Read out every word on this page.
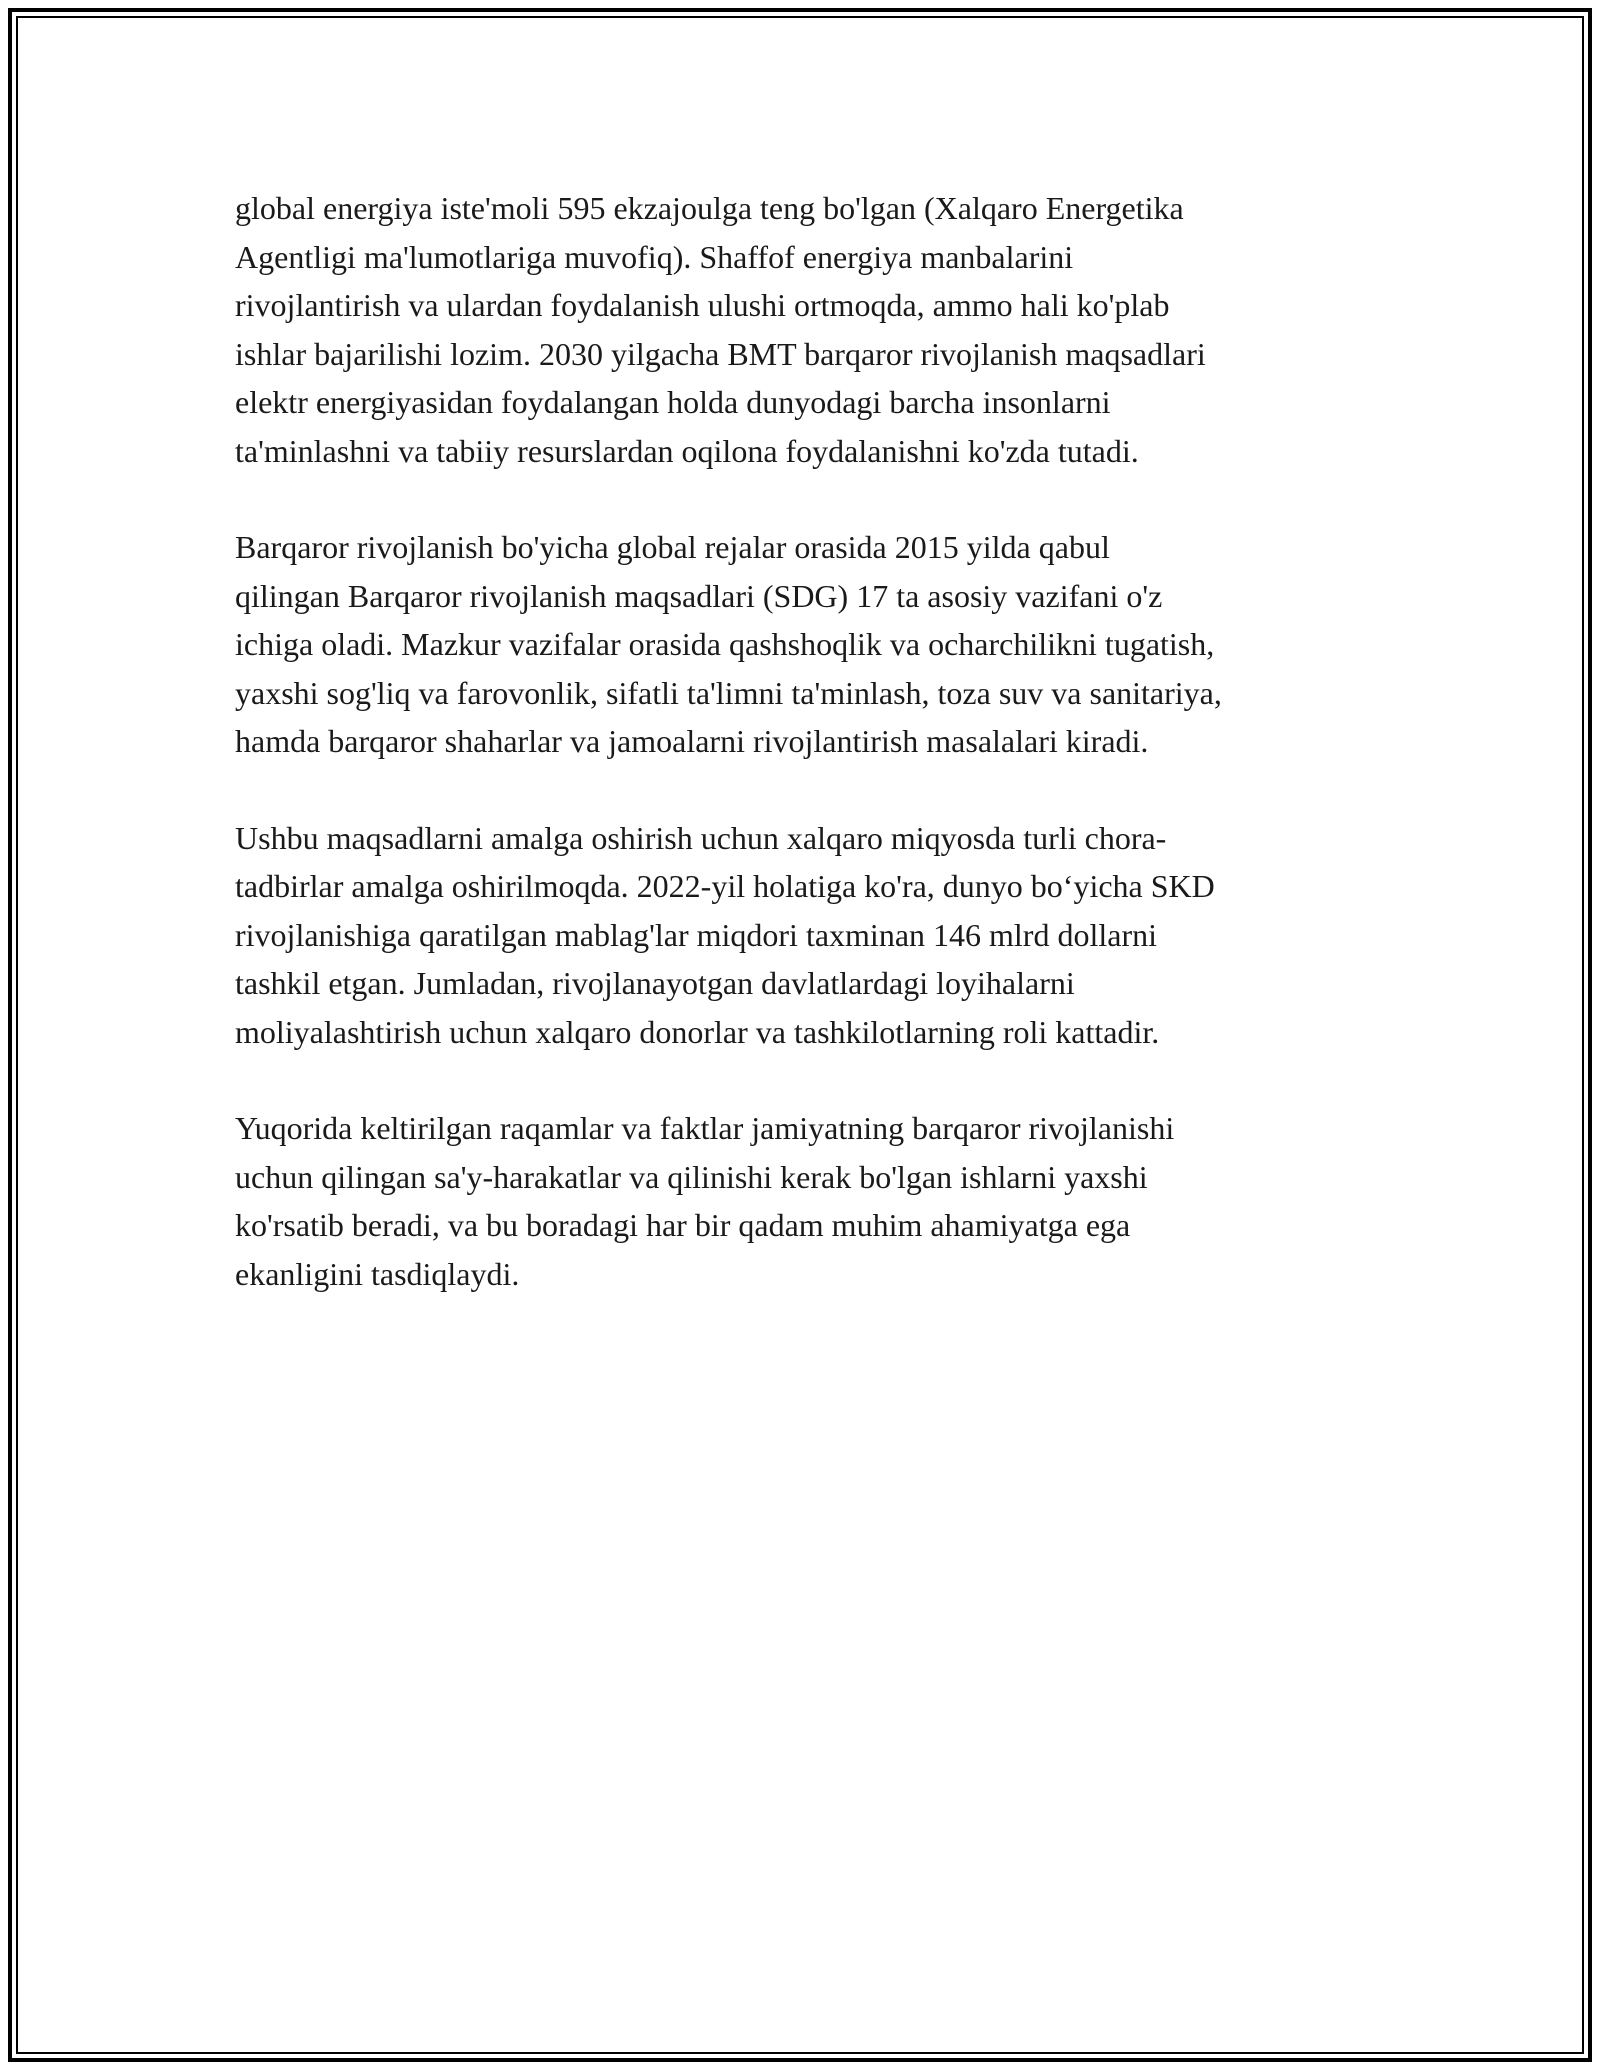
global energiya iste'moli 595 ekzajoulga teng bo'lgan (Xalqaro Energetika
Agentligi ma'lumotlariga muvofiq). Shaffof energiya manbalarini
rivojlantirish va ulardan foydalanish ulushi ortmoqda, ammo hali ko'plab
ishlar bajarilishi lozim. 2030 yilgacha BMT barqaror rivojlanish maqsadlari
elektr energiyasidan foydalangan holda dunyodagi barcha insonlarni
ta'minlashni va tabiiy resurslardan oqilona foydalanishni ko'zda tutadi.

Barqaror rivojlanish bo'yicha global rejalar orasida 2015 yilda qabul
qilingan Barqaror rivojlanish maqsadlari (SDG) 17 ta asosiy vazifani o'z
ichiga oladi. Mazkur vazifalar orasida qashshoqlik va ocharchilikni tugatish,
yaxshi sog'liq va farovonlik, sifatli ta'limni ta'minlash, toza suv va sanitariya,
hamda barqaror shaharlar va jamoalarni rivojlantirish masalalari kiradi.

Ushbu maqsadlarni amalga oshirish uchun xalqaro miqyosda turli chora-
tadbirlar amalga oshirilmoqda. 2022-yil holatiga ko'ra, dunyo bo‘yicha SKD
rivojlanishiga qaratilgan mablag'lar miqdori taxminan 146 mlrd dollarni
tashkil etgan. Jumladan, rivojlanayotgan davlatlardagi loyihalarni
moliyalashtirish uchun xalqaro donorlar va tashkilotlarning roli kattadir.

Yuqorida keltirilgan raqamlar va faktlar jamiyatning barqaror rivojlanishi
uchun qilingan sa'y-harakatlar va qilinishi kerak bo'lgan ishlarni yaxshi
ko'rsatib beradi, va bu boradagi har bir qadam muhim ahamiyatga ega
ekanligini tasdiqlaydi.
